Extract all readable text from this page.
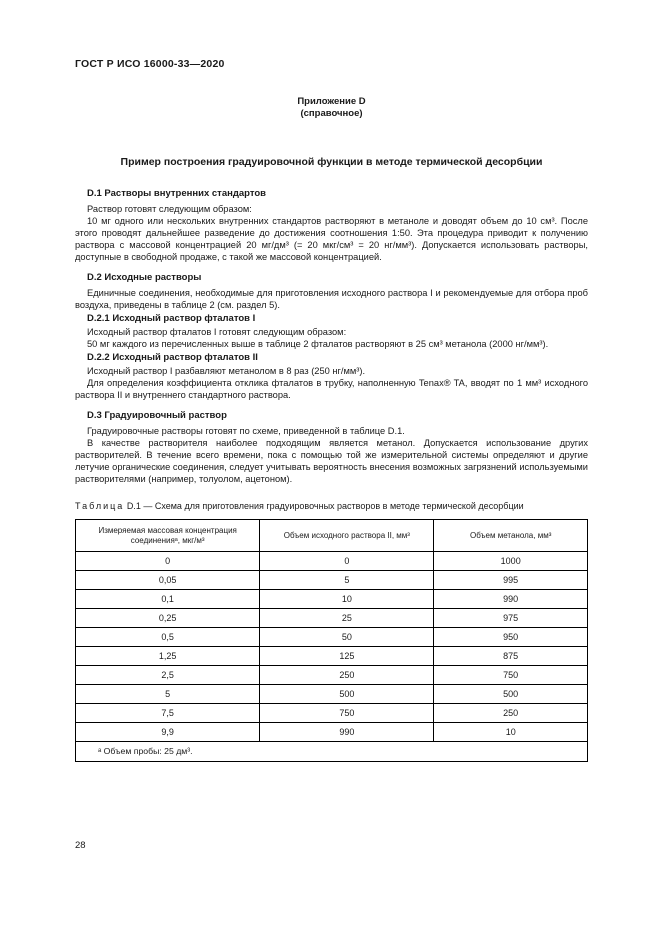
ГОСТ Р ИСО 16000-33—2020
Приложение D
(справочное)
Пример построения градуировочной функции в методе термической десорбции
D.1 Растворы внутренних стандартов

Раствор готовят следующим образом:

10 мг одного или нескольких внутренних стандартов растворяют в метаноле и доводят объем до 10 см³. После этого проводят дальнейшее разведение до достижения соотношения 1:50. Эта процедура приводит к получению раствора с массовой концентрацией 20 мг/дм³ (= 20 мкг/см³ = 20 нг/мм³). Допускается использовать растворы, доступные в свободной продаже, с такой же массовой концентрацией.

D.2 Исходные растворы

Единичные соединения, необходимые для приготовления исходного раствора I и рекомендуемые для отбора проб воздуха, приведены в таблице 2 (см. раздел 5).

D.2.1 Исходный раствор фталатов I

Исходный раствор фталатов I готовят следующим образом:

50 мг каждого из перечисленных выше в таблице 2 фталатов растворяют в 25 см³ метанола (2000 нг/мм³).

D.2.2 Исходный раствор фталатов II

Исходный раствор I разбавляют метанолом в 8 раз (250 нг/мм³).

Для определения коэффициента отклика фталатов в трубку, наполненную Tenax® TA, вводят по 1 мм³ исходного раствора II и внутреннего стандартного раствора.

D.3 Градуировочный раствор

Градуировочные растворы готовят по схеме, приведенной в таблице D.1.

В качестве растворителя наиболее подходящим является метанол. Допускается использование других растворителей. В течение всего времени, пока с помощью той же измерительной системы определяют и другие летучие органические соединения, следует учитывать вероятность внесения возможных загрязнений используемыми растворителями (например, толуолом, ацетоном).

Таблица D.1 — Схема для приготовления градуировочных растворов в методе термической десорбции
Измеряемая массовая концентрация соединенияᵃ, мкг/м³	Объем исходного раствора II, мм³	Объем метанола, мм³
0	0	1000
0,05	5	995
0,1	10	990
0,25	25	975
0,5	50	950
1,25	125	875
2,5	250	750
5	500	500
7,5	750	250
9,9	990	10
ᵃ Объем пробы: 25 дм³.		
28
